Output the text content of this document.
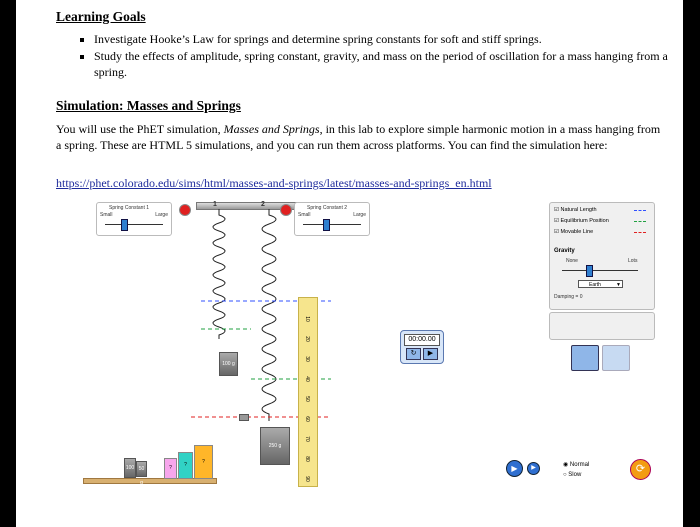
Learning Goals
▪ Investigate Hooke’s Law for springs and determine spring constants for soft and stiff springs.
▪ Study the effects of amplitude, spring constant, gravity, and mass on the period of oscillation for a mass hanging from a spring.
Simulation: Masses and Springs

You will use the PhET simulation, Masses and Springs, in this lab to explore simple harmonic motion in a mass hanging from a spring. These are HTML 5 simulations, and you can run them across platforms. You can find the simulation here:

https://phet.colorado.edu/sims/html/masses-and-springs/latest/masses-and-springs_en.html
Spring Constant 1
Small	Large
1	2	Spring Constant 2
Small	Large
100 g
250 g
10
20
30
40
50
60
70
80
90
00:00.00
↻	▶
☑ Natural Length
☑ Equilibrium Position
☑ Movable Line
Gravity
None	Lots
Earth	▼
Damping = 0
100 50 g
?	?	?
▶	▶	◉ Normal
○ Slow	⟳
